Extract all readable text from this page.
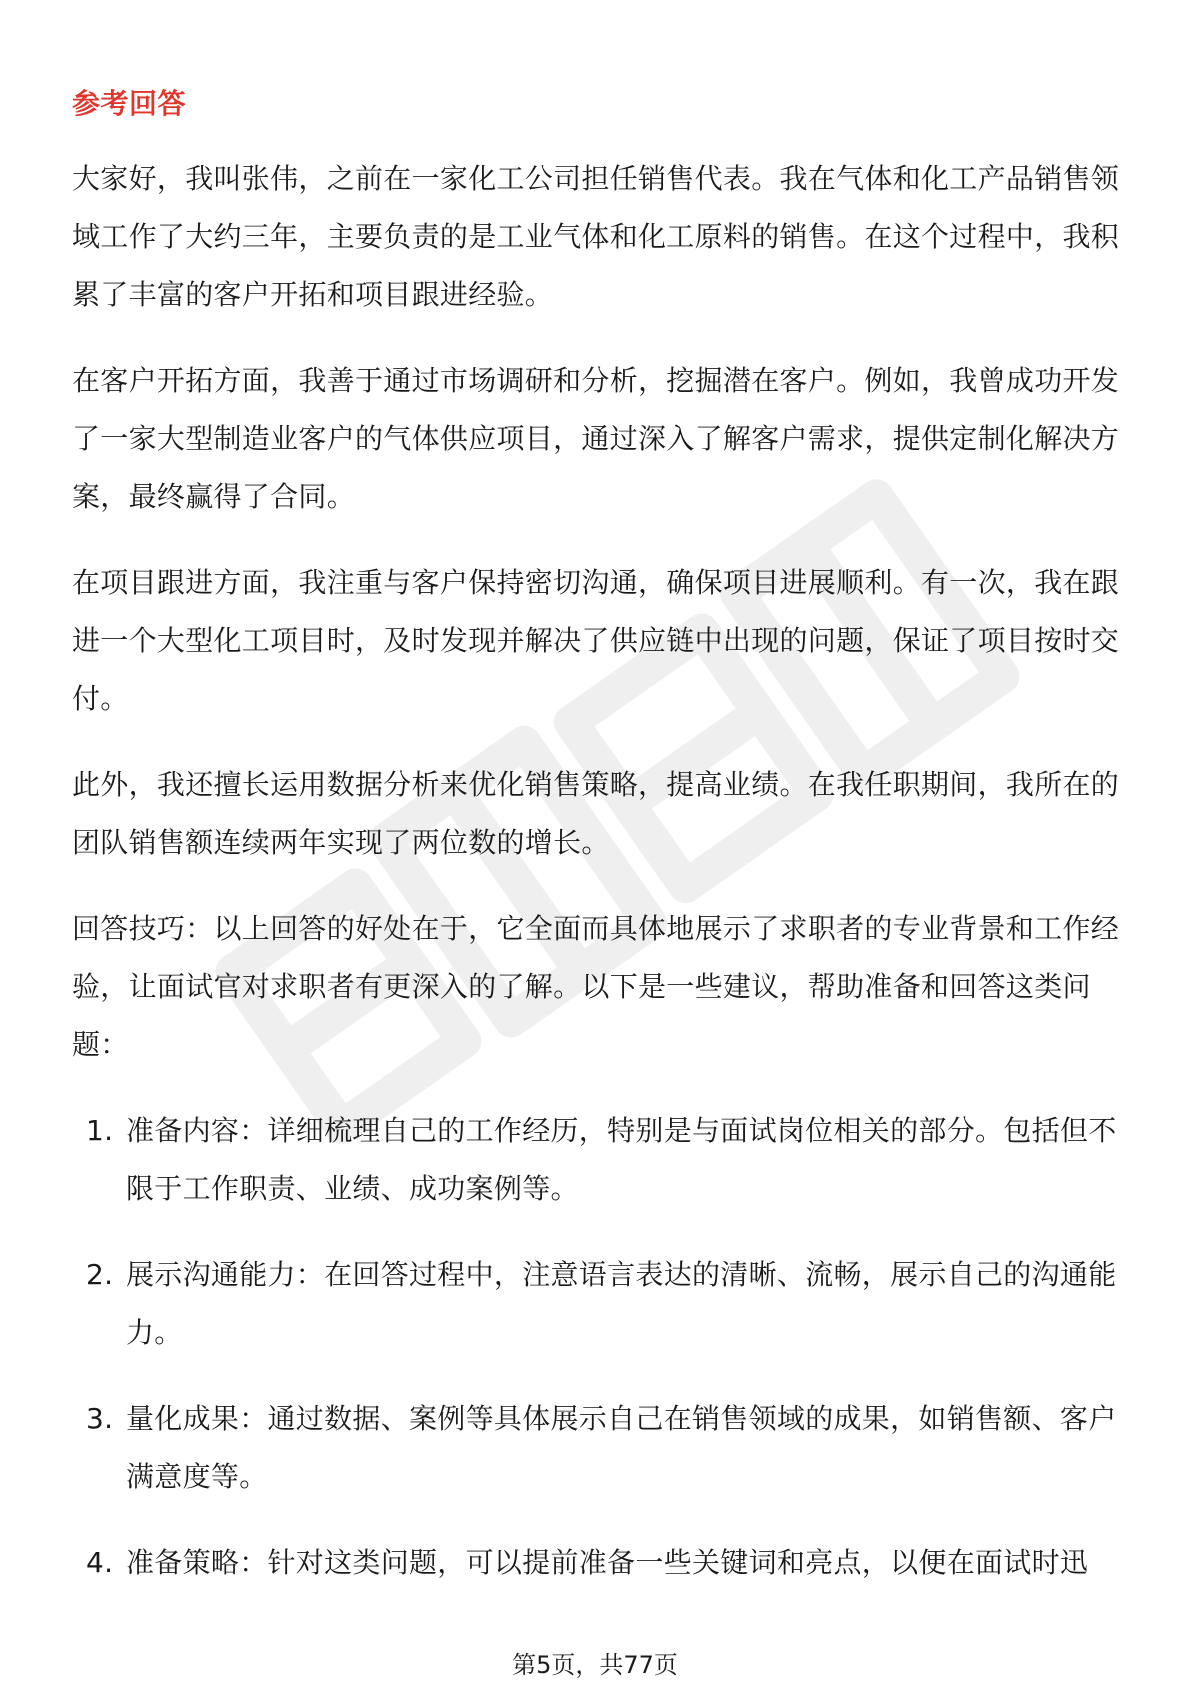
参考回答

大家好，我叫张伟，之前在一家化工公司担任销售代表。我在气体和化工产品销售领域工作了大约三年，主要负责的是工业气体和化工原料的销售。在这个过程中，我积累了丰富的客户开拓和项目跟进经验。

在客户开拓方面，我善于通过市场调研和分析，挖掘潜在客户。例如，我曾成功开发了一家大型制造业客户的气体供应项目，通过深入了解客户需求，提供定制化解决方案，最终赢得了合同。

在项目跟进方面，我注重与客户保持密切沟通，确保项目进展顺利。有一次，我在跟进一个大型化工项目时，及时发现并解决了供应链中出现的问题，保证了项目按时交付。

此外，我还擅长运用数据分析来优化销售策略，提高业绩。在我任职期间，我所在的团队销售额连续两年实现了两位数的增长。

回答技巧：以上回答的好处在于，它全面而具体地展示了求职者的专业背景和工作经验，让面试官对求职者有更深入的了解。以下是一些建议，帮助准备和回答这类问题：

1. 准备内容：详细梳理自己的工作经历，特别是与面试岗位相关的部分。包括但不限于工作职责、业绩、成功案例等。
2. 展示沟通能力：在回答过程中，注意语言表达的清晰、流畅，展示自己的沟通能力。
3. 量化成果：通过数据、案例等具体展示自己在销售领域的成果，如销售额、客户满意度等。
4. 准备策略：针对这类问题，可以提前准备一些关键词和亮点，以便在面试时迅
第5页，共77页
